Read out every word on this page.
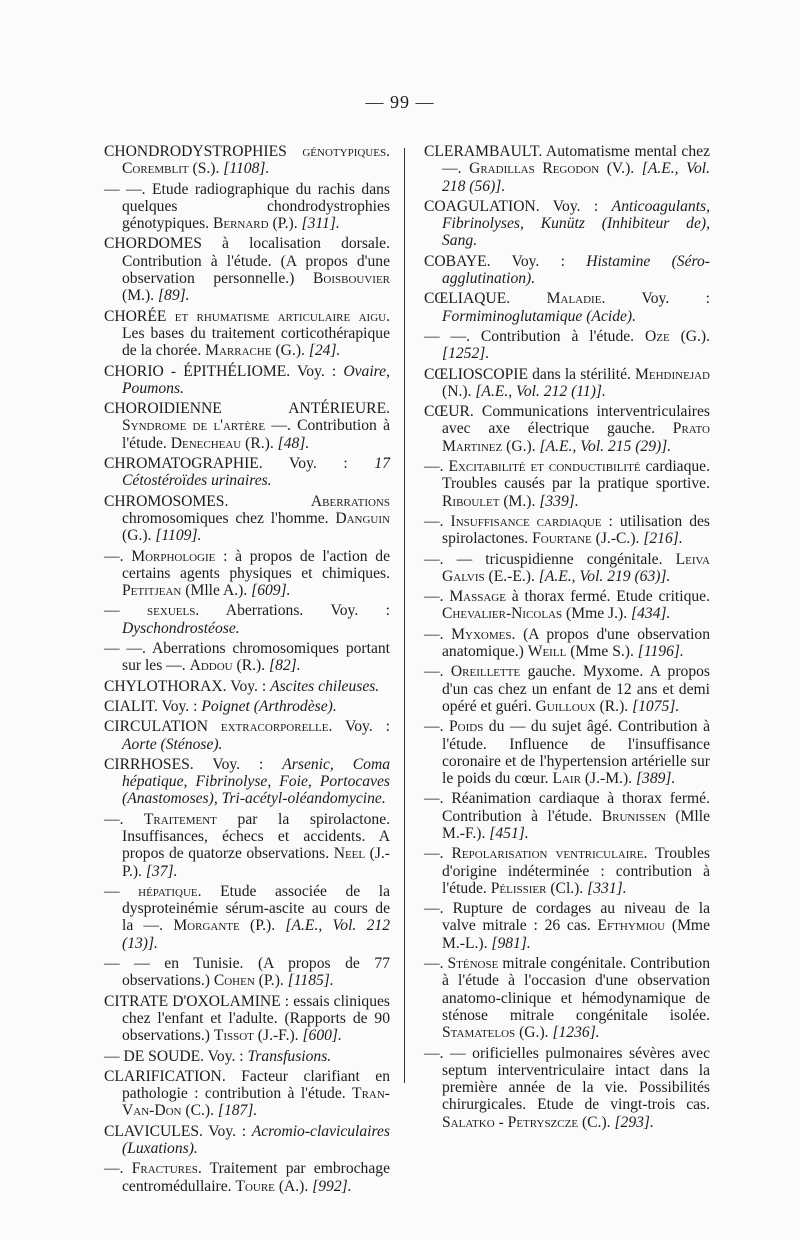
— 99 —

CHONDRODYSTROPHIES génotypiques. Coremblit (S.). [1108].

— —. Etude radiographique du rachis dans quelques chondrodystrophies génotypiques. Bernard (P.). [311].

CHORDOMES à localisation dorsale. Contribution à l'étude. (A propos d'une observation personnelle.) Boisbouvier (M.). [89].

CHORÉE et rhumatisme articulaire aigu. Les bases du traitement corticothérapique de la chorée. Marrache (G.). [24].

CHORIO - ÉPITHÉLIOME. Voy. : Ovaire, Poumons.

CHOROIDIENNE ANTÉRIEURE. Syndrome de l'artère —. Contribution à l'étude. Denecheau (R.). [48].

CHROMATOGRAPHIE. Voy. : 17 Cétostéroïdes urinaires.

CHROMOSOMES. Aberrations chromosomiques chez l'homme. Danguin (G.). [1109].

—. Morphologie : à propos de l'action de certains agents physiques et chimiques. Petitjean (Mlle A.). [609].

— sexuels. Aberrations. Voy. : Dyschondrostéose.

— —. Aberrations chromosomiques portant sur les —. Addou (R.). [82].

CHYLOTHORAX. Voy. : Ascites chileuses.

CIALIT. Voy. : Poignet (Arthrodèse).

CIRCULATION extracorporelle. Voy. : Aorte (Sténose).

CIRRHOSES. Voy. : Arsenic, Coma hépatique, Fibrinolyse, Foie, Portocaves (Anastomoses), Tri-acétyl-oléandomycine.

—. Traitement par la spirolactone. Insuffisances, échecs et accidents. A propos de quatorze observations. Neel (J.-P.). [37].

— hépatique. Etude associée de la dysproteinémie sérum-ascite au cours de la —. Morgante (P.). [A.E., Vol. 212 (13)].

— — en Tunisie. (A propos de 77 observations.) Cohen (P.). [1185].

CITRATE D'OXOLAMINE : essais cliniques chez l'enfant et l'adulte. (Rapports de 90 observations.) Tissot (J.-F.). [600].

— DE SOUDE. Voy. : Transfusions.

CLARIFICATION. Facteur clarifiant en pathologie : contribution à l'étude. Tran-Van-Don (C.). [187].

CLAVICULES. Voy. : Acromio-claviculaires (Luxations).

—. Fractures. Traitement par embrochage centromédullaire. Toure (A.). [992].

CLERAMBAULT. Automatisme mental chez —. Gradillas Regodon (V.). [A.E., Vol. 218 (56)].

COAGULATION. Voy. : Anticoagulants, Fibrinolyses, Kunütz (Inhibiteur de), Sang.

COBAYE. Voy. : Histamine (Séro-agglutination).

CŒLIAQUE. Maladie. Voy. : Formiminoglutamique (Acide).

— —. Contribution à l'étude. Oze (G.). [1252].

CŒLIOSCOPIE dans la stérilité. Mehdinejad (N.). [A.E., Vol. 212 (11)].

CŒUR. Communications interventriculaires avec axe électrique gauche. Prato Martinez (G.). [A.E., Vol. 215 (29)].

—. Excitabilité et conductibilité cardiaque. Troubles causés par la pratique sportive. Riboulet (M.). [339].

—. Insuffisance cardiaque : utilisation des spirolactones. Fourtane (J.-C.). [216].

—. — tricuspidienne congénitale. Leiva Galvis (E.-E.). [A.E., Vol. 219 (63)].

—. Massage à thorax fermé. Etude critique. Chevalier-Nicolas (Mme J.). [434].

—. Myxomes. (A propos d'une observation anatomique.) Weill (Mme S.). [1196].

—. Oreillette gauche. Myxome. A propos d'un cas chez un enfant de 12 ans et demi opéré et guéri. Guilloux (R.). [1075].

—. Poids du — du sujet âgé. Contribution à l'étude. Influence de l'insuffisance coronaire et de l'hypertension artérielle sur le poids du cœur. Lair (J.-M.). [389].

—. Réanimation cardiaque à thorax fermé. Contribution à l'étude. Brunissen (Mlle M.-F.). [451].

—. Repolarisation ventriculaire. Troubles d'origine indéterminée : contribution à l'étude. Pélissier (Cl.). [331].

—. Rupture de cordages au niveau de la valve mitrale : 26 cas. Efthymiou (Mme M.-L.). [981].

—. Sténose mitrale congénitale. Contribution à l'étude à l'occasion d'une observation anatomo-clinique et hémodynamique de sténose mitrale congénitale isolée. Stamatelos (G.). [1236].

—. — orificielles pulmonaires sévères avec septum interventriculaire intact dans la première année de la vie. Possibilités chirurgicales. Etude de vingt-trois cas. Salatko - Petryszcze (C.). [293].
